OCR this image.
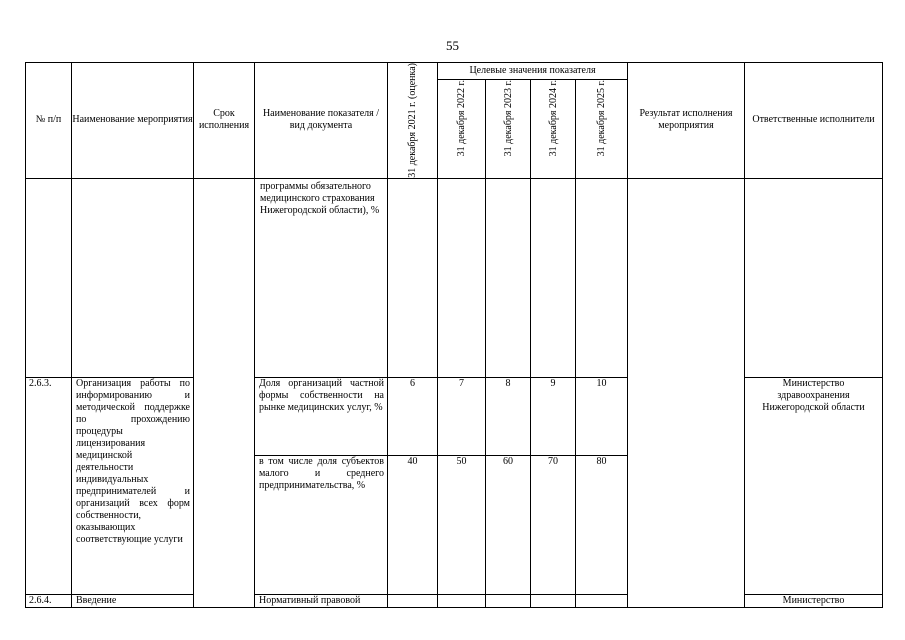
55
№ п/п	Наименование мероприятия	Срок исполнения	Наименование показателя / вид документа	31 декабря 2021 г. (оценка)	Целевые значения показателя				Результат исполнения мероприятия	Ответственные исполнители

					31 декабря 2022 г.	31 декабря 2023 г.	31 декабря 2024 г.	31 декабря 2025 г.		

			программы обязательного медицинского страхования Нижегородской области), %							
2.6.3.	Организация работы по информированию и методической поддержке по прохождению процедуры лицензирования медицинской деятельности индивидуальных предпринимателей и организаций всех форм собственности, оказывающих соответствующие услуги		Доля организаций частной формы собственности на рынке медицинских услуг, %	6	7	8	9	10		Министерство здравоохранения Нижегородской области
			в том числе доля субъектов малого и среднего предпринимательства, %	40	50	60	70	80		
2.6.4.	Введение		Нормативный правовой							Министерство
